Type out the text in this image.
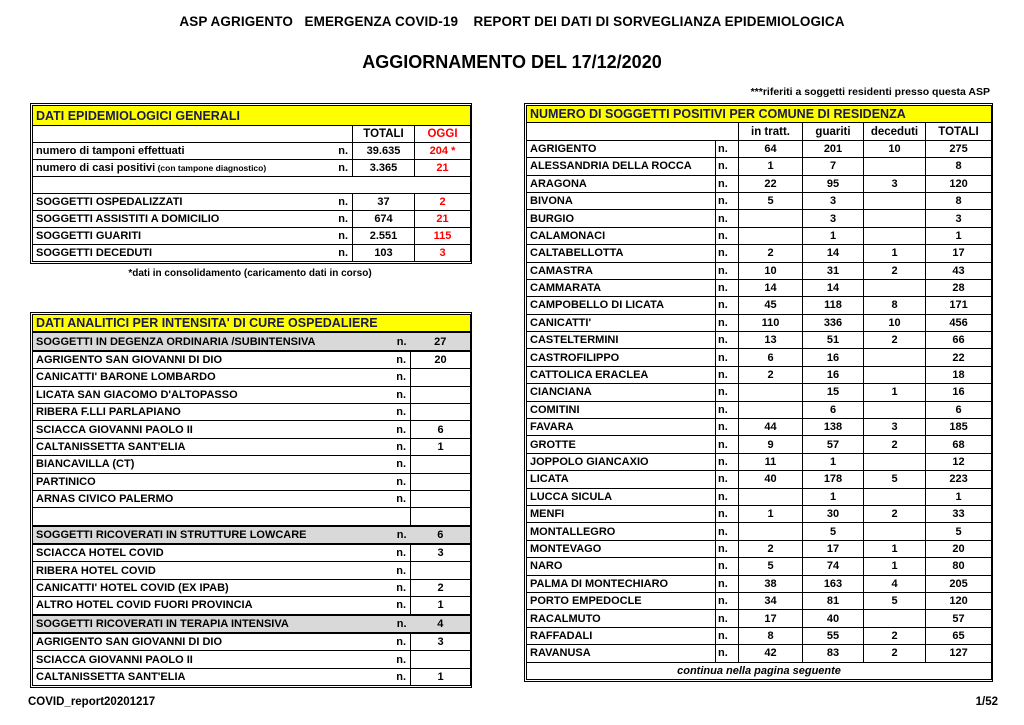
ASP AGRIGENTO   EMERGENZA COVID-19    REPORT DEI DATI DI SORVEGLIANZA EPIDEMIOLOGICA
AGGIORNAMENTO DEL 17/12/2020
***riferiti a soggetti residenti presso questa ASP
DATI EPIDEMIOLOGICI GENERALI			
		TOTALI	OGGI
numero di tamponi effettuati	n.	39.635	204 *
numero di casi positivi (con tampone diagnostico)	n.	3.365	21

SOGGETTI OSPEDALIZZATI	n.	37	2
SOGGETTI ASSISTITI A DOMICILIO	n.	674	21
SOGGETTI GUARITI	n.	2.551	115
SOGGETTI DECEDUTI	n.	103	3
*dati in consolidamento (caricamento dati in corso)
DATI ANALITICI PER INTENSITA' DI CURE OSPEDALIERE		
SOGGETTI IN DEGENZA ORDINARIA /SUBINTENSIVA	n.	27
AGRIGENTO SAN GIOVANNI DI DIO	n.	20
CANICATTI' BARONE LOMBARDO	n.	
LICATA SAN GIACOMO D'ALTOPASSO	n.	
RIBERA F.LLI PARLAPIANO	n.	
SCIACCA GIOVANNI PAOLO II	n.	6
CALTANISSETTA SANT'ELIA	n.	1
BIANCAVILLA (CT)	n.	
PARTINICO	n.	
ARNAS CIVICO PALERMO	n.	

SOGGETTI RICOVERATI IN STRUTTURE LOWCARE	n.	6
SCIACCA HOTEL COVID	n.	3
RIBERA HOTEL COVID	n.	
CANICATTI' HOTEL COVID (EX IPAB)	n.	2
ALTRO HOTEL COVID FUORI PROVINCIA	n.	1
SOGGETTI RICOVERATI IN TERAPIA INTENSIVA	n.	4
AGRIGENTO SAN GIOVANNI DI DIO	n.	3
SCIACCA GIOVANNI PAOLO II	n.	
CALTANISSETTA SANT'ELIA	n.	1
NUMERO DI SOGGETTI POSITIVI PER COMUNE DI RESIDENZA					
		in tratt.	guariti	deceduti	TOTALI
AGRIGENTO	n.	64	201	10	275
ALESSANDRIA DELLA ROCCA	n.	1	7		8
ARAGONA	n.	22	95	3	120
BIVONA	n.	5	3		8
BURGIO	n.		3		3
CALAMONACI	n.		1		1
CALTABELLOTTA	n.	2	14	1	17
CAMASTRA	n.	10	31	2	43
CAMMARATA	n.	14	14		28
CAMPOBELLO DI LICATA	n.	45	118	8	171
CANICATTI'	n.	110	336	10	456
CASTELTERMINI	n.	13	51	2	66
CASTROFILIPPO	n.	6	16		22
CATTOLICA ERACLEA	n.	2	16		18
CIANCIANA	n.		15	1	16
COMITINI	n.		6		6
FAVARA	n.	44	138	3	185
GROTTE	n.	9	57	2	68
JOPPOLO GIANCAXIO	n.	11	1		12
LICATA	n.	40	178	5	223
LUCCA SICULA	n.		1		1
MENFI	n.	1	30	2	33
MONTALLEGRO	n.		5		5
MONTEVAGO	n.	2	17	1	20
NARO	n.	5	74	1	80
PALMA DI MONTECHIARO	n.	38	163	4	205
PORTO EMPEDOCLE	n.	34	81	5	120
RACALMUTO	n.	17	40		57
RAFFADALI	n.	8	55	2	65
RAVANUSA	n.	42	83	2	127
continua nella pagina seguente					
COVID_report20201217	1/52
